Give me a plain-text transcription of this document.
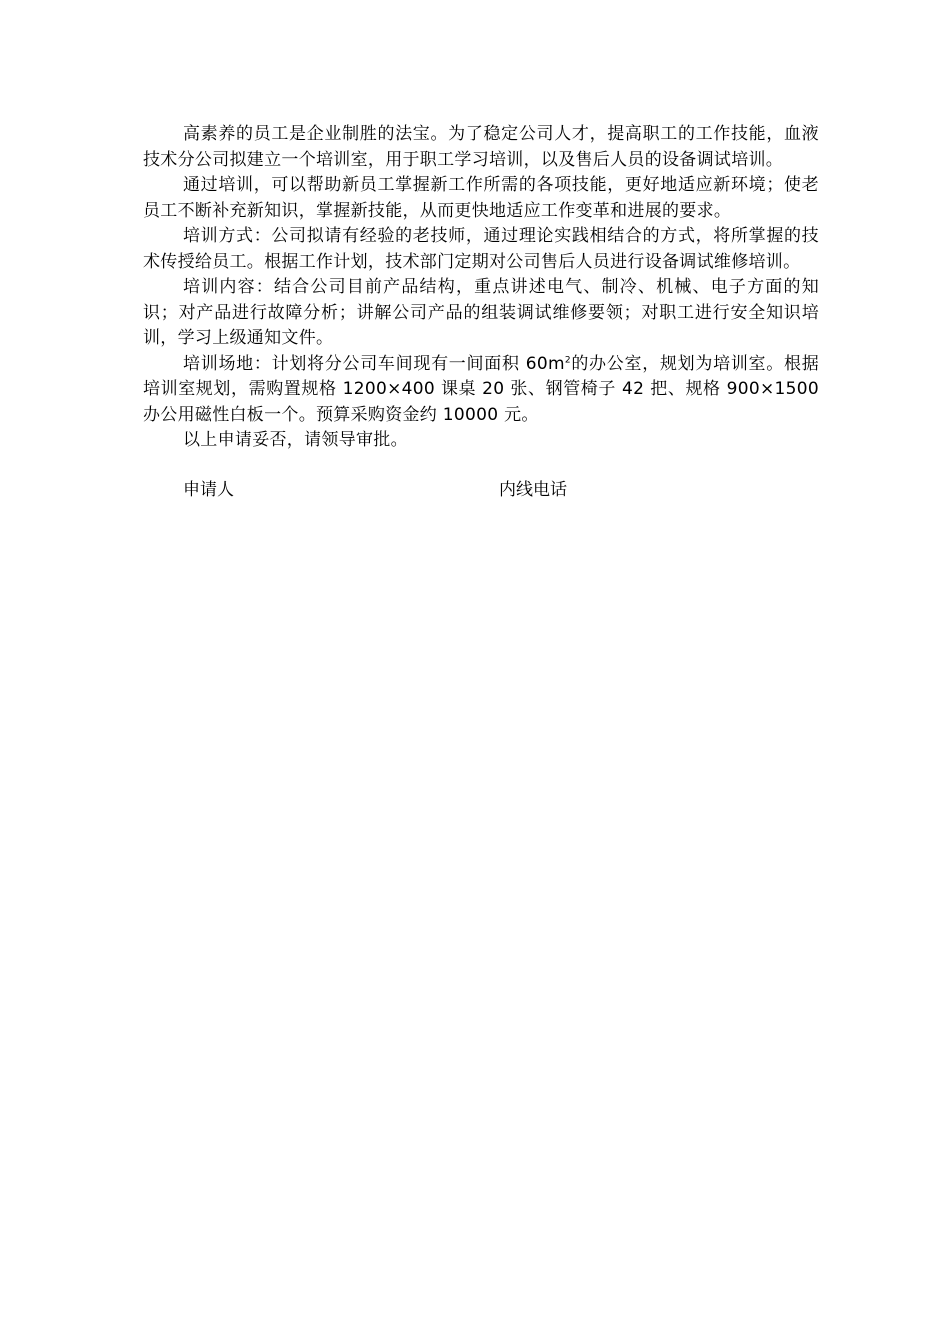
高素养的员工是企业制胜的法宝。为了稳定公司人才，提高职工的工作技能，血液技术分公司拟建立一个培训室，用于职工学习培训，以及售后人员的设备调试培训。

通过培训，可以帮助新员工掌握新工作所需的各项技能，更好地适应新环境；使老员工不断补充新知识，掌握新技能，从而更快地适应工作变革和进展的要求。

培训方式：公司拟请有经验的老技师，通过理论实践相结合的方式，将所掌握的技术传授给员工。根据工作计划，技术部门定期对公司售后人员进行设备调试维修培训。

培训内容：结合公司目前产品结构，重点讲述电气、制冷、机械、电子方面的知识；对产品进行故障分析；讲解公司产品的组装调试维修要领；对职工进行安全知识培训，学习上级通知文件。

培训场地：计划将分公司车间现有一间面积 $60m^2$的办公室，规划为培训室。根据培训室规划，需购置规格 1200×400 课桌 20 张、钢管椅子 42 把、规格 900×1500 办公用磁性白板一个。预算采购资金约 10000 元。

以上申请妥否，请领导审批。

申请人	内线电话
